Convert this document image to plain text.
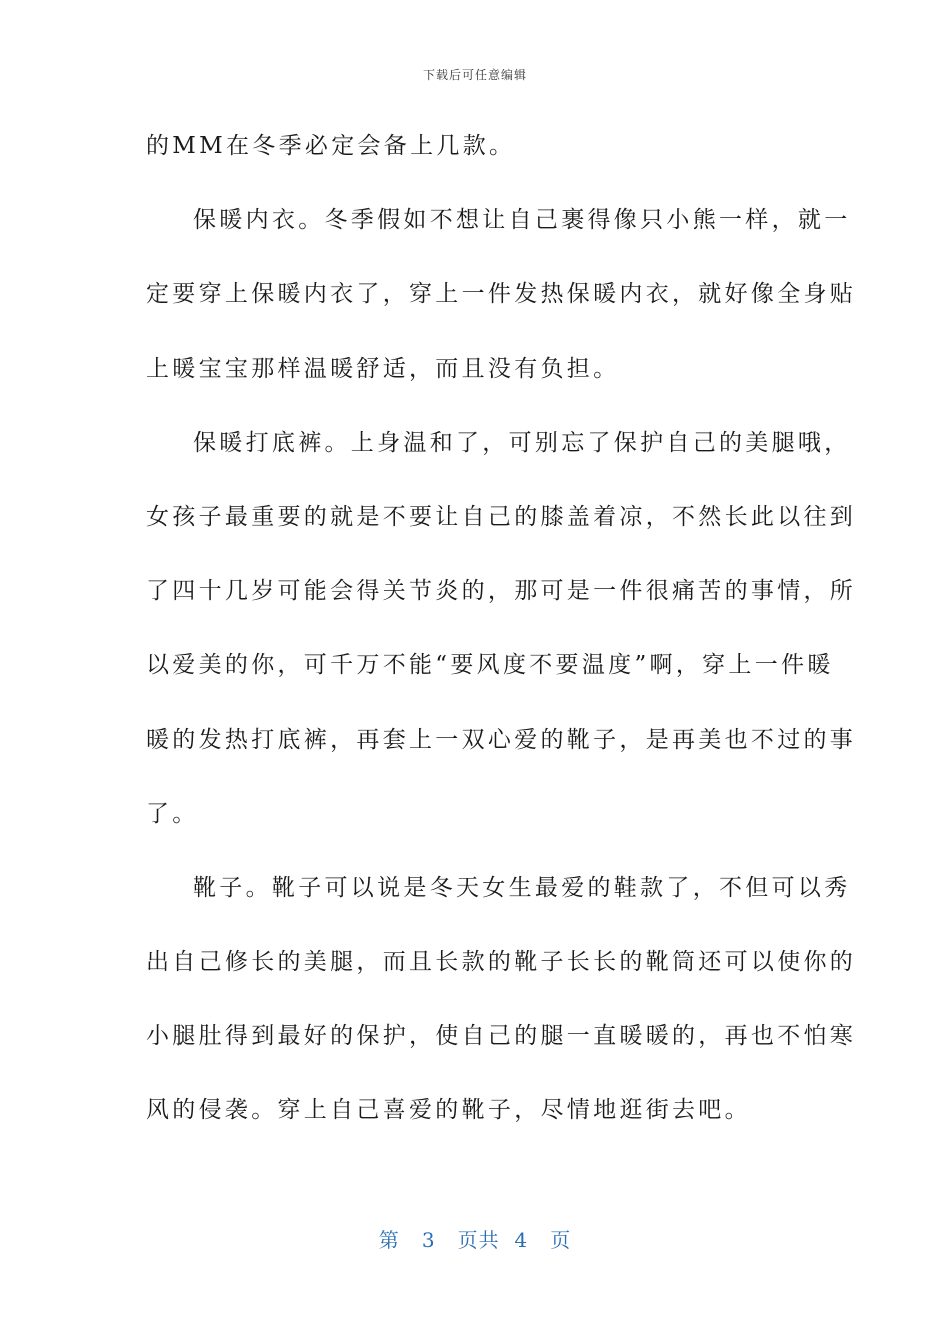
下载后可任意编辑
的MM在冬季必定会备上几款。
保暖内衣。冬季假如不想让自己裹得像只小熊一样，就一
定要穿上保暖内衣了，穿上一件发热保暖内衣，就好像全身贴
上暖宝宝那样温暖舒适，而且没有负担。
保暖打底裤。上身温和了，可别忘了保护自己的美腿哦，
女孩子最重要的就是不要让自己的膝盖着凉，不然长此以往到
了四十几岁可能会得关节炎的，那可是一件很痛苦的事情，所
以爱美的你，可千万不能“要风度不要温度”啊，穿上一件暖
暖的发热打底裤，再套上一双心爱的靴子，是再美也不过的事
了。
靴子。靴子可以说是冬天女生最爱的鞋款了，不但可以秀
出自己修长的美腿，而且长款的靴子长长的靴筒还可以使你的
小腿肚得到最好的保护，使自己的腿一直暖暖的，再也不怕寒
风的侵袭。穿上自己喜爱的靴子，尽情地逛街去吧。
第 3 页共 4 页
